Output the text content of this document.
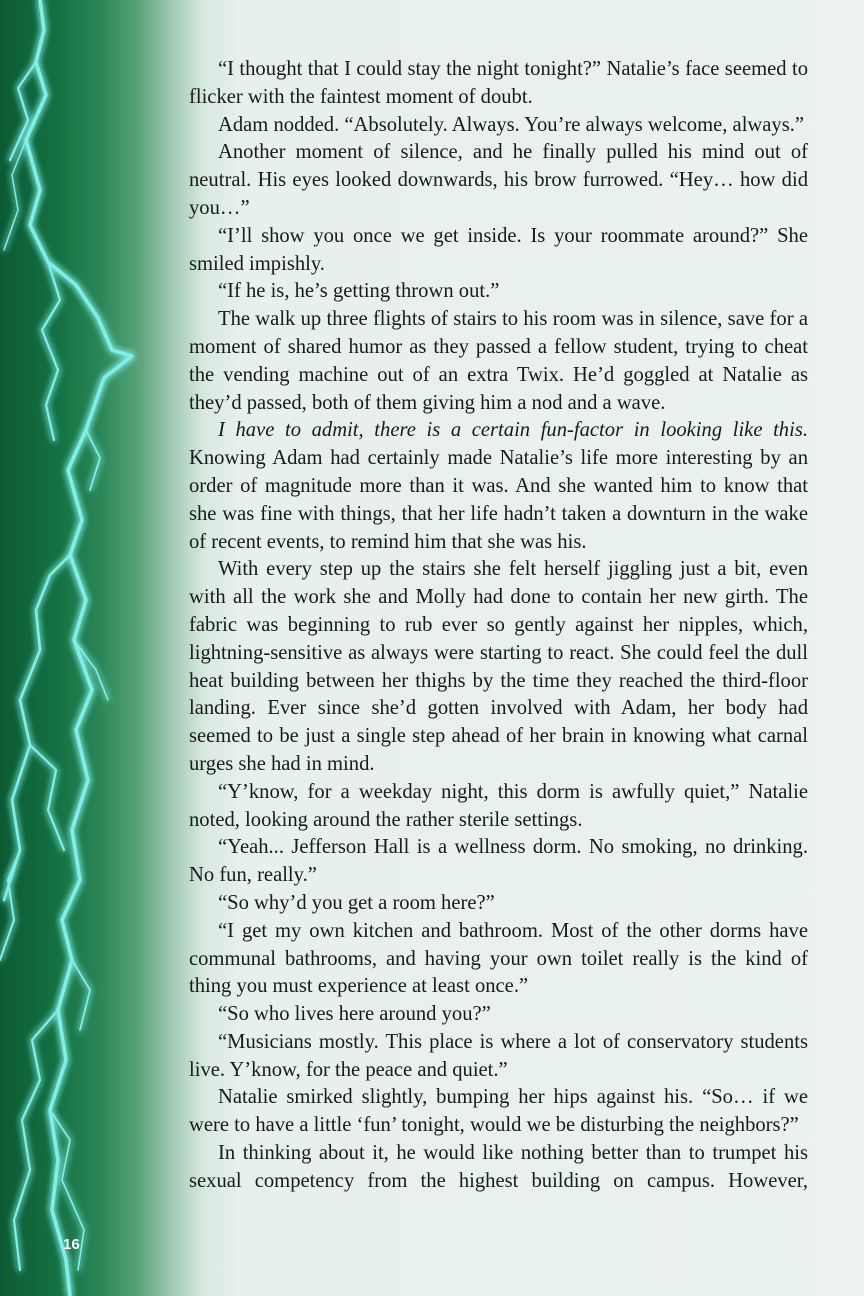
“I thought that I could stay the night tonight?” Natalie’s face seemed to flicker with the faintest moment of doubt.

Adam nodded. “Absolutely. Always. You’re always welcome, always.”

Another moment of silence, and he finally pulled his mind out of neutral. His eyes looked downwards, his brow furrowed. “Hey… how did you…”

“I’ll show you once we get inside. Is your roommate around?” She smiled impishly.

“If he is, he’s getting thrown out.”

The walk up three flights of stairs to his room was in silence, save for a moment of shared humor as they passed a fellow student, trying to cheat the vending machine out of an extra Twix. He’d goggled at Natalie as they’d passed, both of them giving him a nod and a wave.

I have to admit, there is a certain fun-factor in looking like this. Knowing Adam had certainly made Natalie’s life more interesting by an order of magnitude more than it was. And she wanted him to know that she was fine with things, that her life hadn’t taken a downturn in the wake of recent events, to remind him that she was his.

With every step up the stairs she felt herself jiggling just a bit, even with all the work she and Molly had done to contain her new girth. The fabric was beginning to rub ever so gently against her nipples, which, lightning-sensitive as always were starting to react. She could feel the dull heat building between her thighs by the time they reached the third-floor landing. Ever since she’d gotten involved with Adam, her body had seemed to be just a single step ahead of her brain in knowing what carnal urges she had in mind.

“Y’know, for a weekday night, this dorm is awfully quiet,” Natalie noted, looking around the rather sterile settings.

“Yeah... Jefferson Hall is a wellness dorm. No smoking, no drinking. No fun, really.”

“So why’d you get a room here?”

“I get my own kitchen and bathroom. Most of the other dorms have communal bathrooms, and having your own toilet really is the kind of thing you must experience at least once.”

“So who lives here around you?”

“Musicians mostly. This place is where a lot of conservatory students live. Y’know, for the peace and quiet.”

Natalie smirked slightly, bumping her hips against his. “So… if we were to have a little ‘fun’ tonight, would we be disturbing the neighbors?”

In thinking about it, he would like nothing better than to trumpet his sexual competency from the highest building on campus. However,

16
